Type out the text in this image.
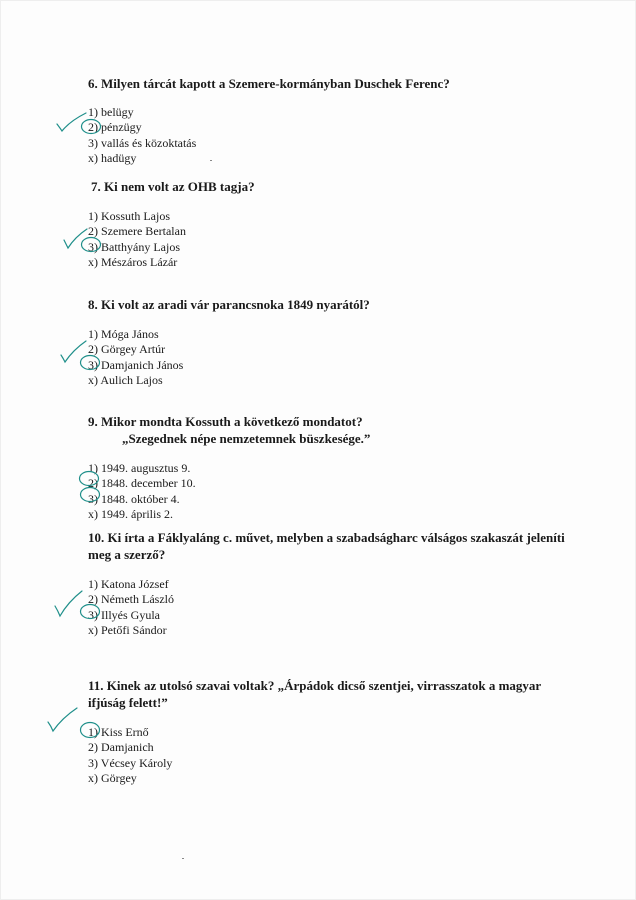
6. Milyen tárcát kapott a Szemere-kormányban Duschek Ferenc?

1) belügy
2) pénzügy
3) vallás és közoktatás
x) hadügy

7. Ki nem volt az OHB tagja?

1) Kossuth Lajos
2) Szemere Bertalan
3) Batthyány Lajos
x) Mészáros Lázár

8. Ki volt az aradi vár parancsnoka 1849 nyarától?

1) Móga János
2) Görgey Artúr
3) Damjanich János
x) Aulich Lajos

9. Mikor mondta Kossuth a következő mondatot?

„Szegednek népe nemzetemnek büszkesége.”
1) 1949. augusztus 9.
2) 1848. december 10.
3) 1848. október 4.
x) 1949. április 2.

10. Ki írta a Fáklyaláng c. művet, melyben a szabadságharc válságos szakaszát jeleníti meg a szerző?

1) Katona József
2) Németh László
3) Illyés Gyula
x) Petőfi Sándor

11. Kinek az utolsó szavai voltak? „Árpádok dicső szentjei, virrasszatok a magyar ifjúság felett!”

1) Kiss Ernő
2) Damjanich
3) Vécsey Károly
x) Görgey
